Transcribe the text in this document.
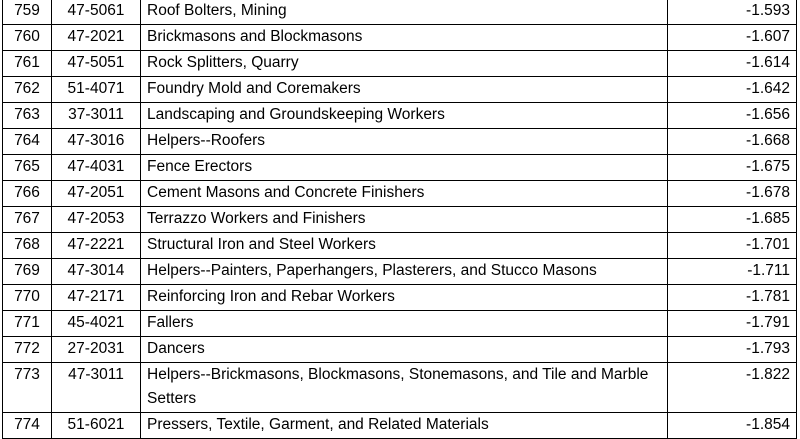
759	47-5061	Roof Bolters, Mining	-1.593
760	47-2021	Brickmasons and Blockmasons	-1.607
761	47-5051	Rock Splitters, Quarry	-1.614
762	51-4071	Foundry Mold and Coremakers	-1.642
763	37-3011	Landscaping and Groundskeeping Workers	-1.656
764	47-3016	Helpers--Roofers	-1.668
765	47-4031	Fence Erectors	-1.675
766	47-2051	Cement Masons and Concrete Finishers	-1.678
767	47-2053	Terrazzo Workers and Finishers	-1.685
768	47-2221	Structural Iron and Steel Workers	-1.701
769	47-3014	Helpers--Painters, Paperhangers, Plasterers, and Stucco Masons	-1.711
770	47-2171	Reinforcing Iron and Rebar Workers	-1.781
771	45-4021	Fallers	-1.791
772	27-2031	Dancers	-1.793
773	47-3011	Helpers--Brickmasons, Blockmasons, Stonemasons, and Tile and Marble Setters	-1.822
774	51-6021	Pressers, Textile, Garment, and Related Materials	-1.854
